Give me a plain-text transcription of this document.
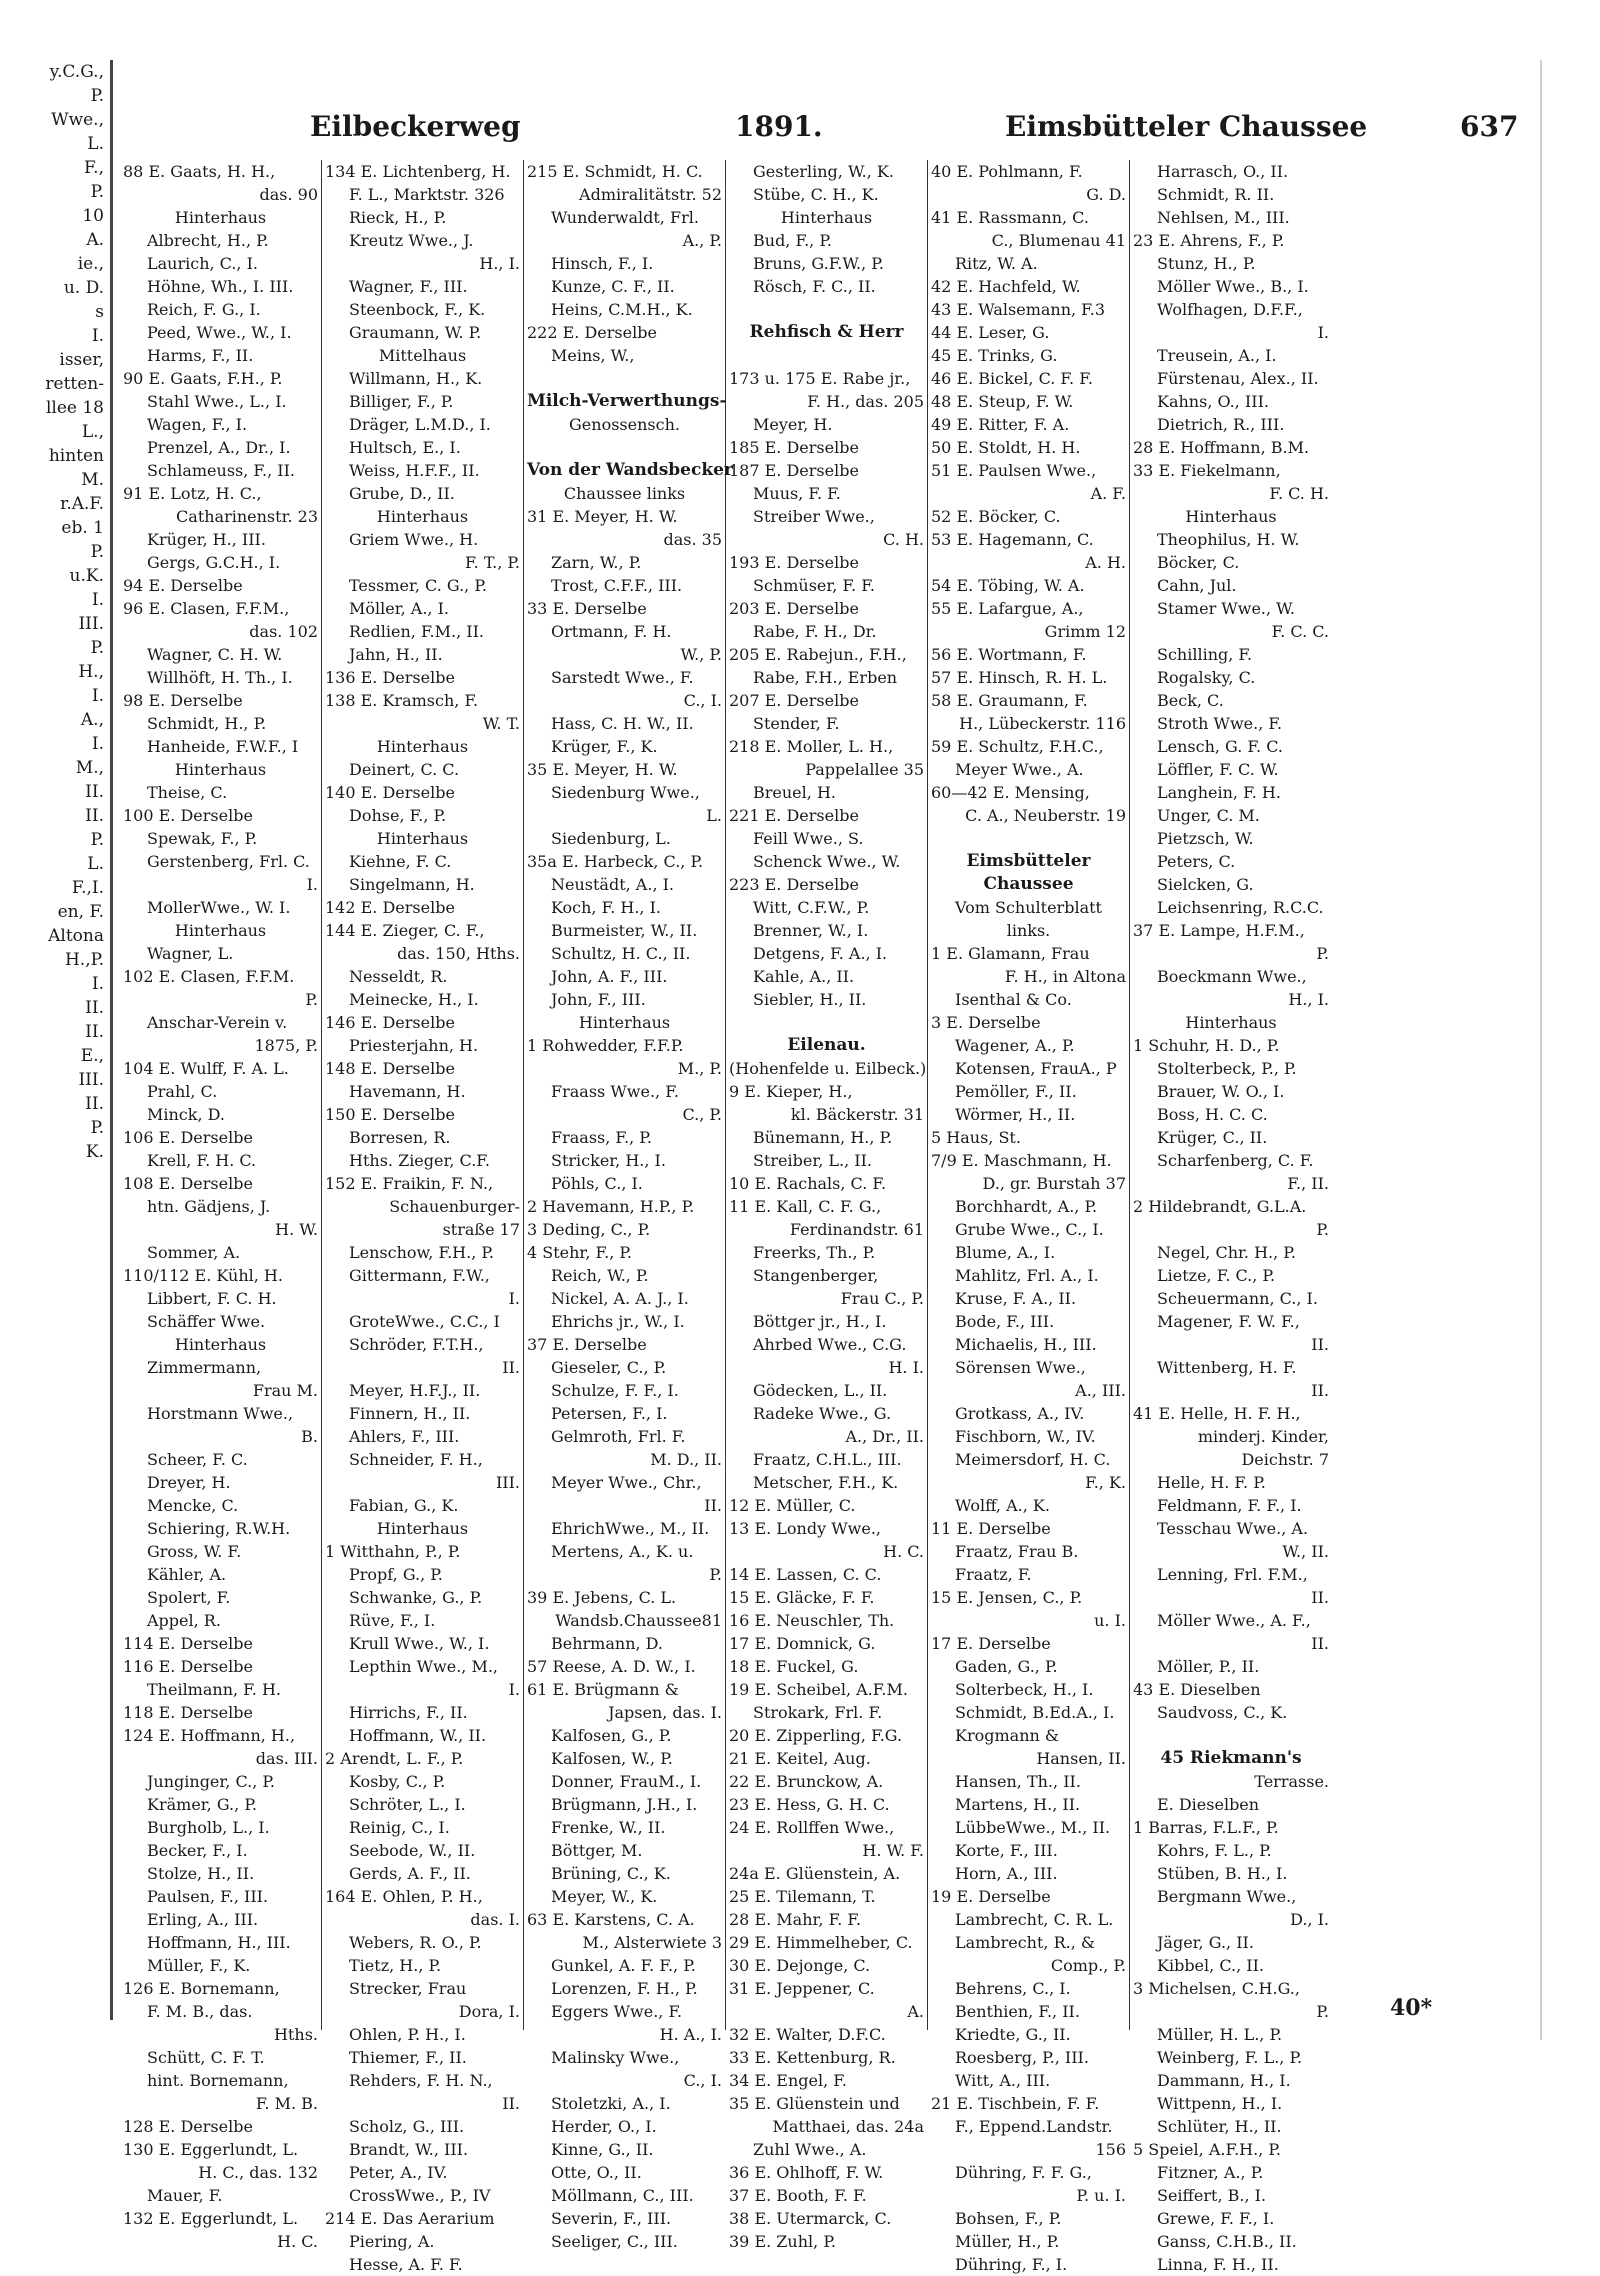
y.C.G.,
P.
Wwe.,
L.
F.,
P.
10
A.
ie.,
u. D.
s
I.
isser,
retten-
llee 18
L.,
hinten
M.
r.A.F.
eb. 1
P.
u.K.
I.
III.
P.
H.,
I.
A.,
I.
M.,
II.
II.
P.
L.
F.,I.
en, F.
Altona
H.,P.
I.
II.
II.
E.,
III.
II.
P.
K.
Eilbeckerweg	1891.	Eimsbütteler Chaussee	637
88 E. Gaats, H. H.,
das. 90
Hinterhaus
Albrecht, H., P.
Laurich, C., I.
Höhne, Wh., I. III.
Reich, F. G., I.
Peed, Wwe., W., I.
Harms, F., II.
90 E. Gaats, F.H., P.
Stahl Wwe., L., I.
Wagen, F., I.
Prenzel, A., Dr., I.
Schlameuss, F., II.
91 E. Lotz, H. C.,
Catharinenstr. 23
Krüger, H., III.
Gergs, G.C.H., I.
94 E. Derselbe
96 E. Clasen, F.F.M.,
das. 102
Wagner, C. H. W.
Willhöft, H. Th., I.
98 E. Derselbe
Schmidt, H., P.
Hanheide, F.W.F., I
Hinterhaus
Theise, C.
100 E. Derselbe
Spewak, F., P.
Gerstenberg, Frl. C.
I.
MollerWwe., W. I.
Hinterhaus
Wagner, L.
102 E. Clasen, F.F.M.
P.
Anschar-Verein v.
1875, P.
104 E. Wulff, F. A. L.
Prahl, C.
Minck, D.
106 E. Derselbe
Krell, F. H. C.
108 E. Derselbe
htn. Gädjens, J.
H. W.
Sommer, A.
110/112 E. Kühl, H.
Libbert, F. C. H.
Schäffer Wwe.
Hinterhaus
Zimmermann,
Frau M.
Horstmann Wwe.,
B.
Scheer, F. C.
Dreyer, H.
Mencke, C.
Schiering, R.W.H.
Gross, W. F.
Kähler, A.
Spolert, F.
Appel, R.
114 E. Derselbe
116 E. Derselbe
Theilmann, F. H.
118 E. Derselbe
124 E. Hoffmann, H.,
das. III.
Junginger, C., P.
Krämer, G., P.
Burgholb, L., I.
Becker, F., I.
Stolze, H., II.
Paulsen, F., III.
Erling, A., III.
Hoffmann, H., III.
Müller, F., K.
126 E. Bornemann,
F. M. B., das.
Hths.
Schütt, C. F. T.
hint. Bornemann,
F. M. B.
128 E. Derselbe
130 E. Eggerlundt, L.
H. C., das. 132
Mauer, F.
132 E. Eggerlundt, L.
H. C.
134 E. Lichtenberg, H.
F. L., Marktstr. 326
Rieck, H., P.
Kreutz Wwe., J.
H., I.
Wagner, F., III.
Steenbock, F., K.
Graumann, W. P.
Mittelhaus
Willmann, H., K.
Billiger, F., P.
Dräger, L.M.D., I.
Hultsch, E., I.
Weiss, H.F.F., II.
Grube, D., II.
Hinterhaus
Griem Wwe., H.
F. T., P.
Tessmer, C. G., P.
Möller, A., I.
Redlien, F.M., II.
Jahn, H., II.
136 E. Derselbe
138 E. Kramsch, F.
W. T.
Hinterhaus
Deinert, C. C.
140 E. Derselbe
Dohse, F., P.
Hinterhaus
Kiehne, F. C.
Singelmann, H.
142 E. Derselbe
144 E. Zieger, C. F.,
das. 150, Hths.
Nesseldt, R.
Meinecke, H., I.
146 E. Derselbe
Priesterjahn, H.
148 E. Derselbe
Havemann, H.
150 E. Derselbe
Borresen, R.
Hths. Zieger, C.F.
152 E. Fraikin, F. N.,
Schauenburger-
straße 17
Lenschow, F.H., P.
Gittermann, F.W.,
I.
GroteWwe., C.C., I
Schröder, F.T.H.,
II.
Meyer, H.F.J., II.
Finnern, H., II.
Ahlers, F., III.
Schneider, F. H.,
III.
Fabian, G., K.
Hinterhaus
1 Witthahn, P., P.
Propf, G., P.
Schwanke, G., P.
Rüve, F., I.
Krull Wwe., W., I.
Lepthin Wwe., M.,
I.
Hirrichs, F., II.
Hoffmann, W., II.
2 Arendt, L. F., P.
Kosby, C., P.
Schröter, L., I.
Reinig, C., I.
Seebode, W., II.
Gerds, A. F., II.
164 E. Ohlen, P. H.,
das. I.
Webers, R. O., P.
Tietz, H., P.
Strecker, Frau
Dora, I.
Ohlen, P. H., I.
Thiemer, F., II.
Rehders, F. H. N.,
II.
Scholz, G., III.
Brandt, W., III.
Peter, A., IV.
CrossWwe., P., IV
214 E. Das Aerarium
Piering, A.
Hesse, A. F. F.
215 E. Schmidt, H. C.
Admiralitätstr. 52
Wunderwaldt, Frl.
A., P.
Hinsch, F., I.
Kunze, C. F., II.
Heins, C.M.H., K.
222 E. Derselbe
Meins, W.,

Milch-Verwerthungs-
Genossensch.

Von der Wandsbecker
Chaussee links
31 E. Meyer, H. W.
das. 35
Zarn, W., P.
Trost, C.F.F., III.
33 E. Derselbe
Ortmann, F. H.
W., P.
Sarstedt Wwe., F.
C., I.
Hass, C. H. W., II.
Krüger, F., K.
35 E. Meyer, H. W.
Siedenburg Wwe.,
L.
Siedenburg, L.
35a E. Harbeck, C., P.
Neustädt, A., I.
Koch, F. H., I.
Burmeister, W., II.
Schultz, H. C., II.
John, A. F., III.
John, F., III.
Hinterhaus
1 Rohwedder, F.F.P.
M., P.
Fraass Wwe., F.
C., P.
Fraass, F., P.
Stricker, H., I.
Pöhls, C., I.
2 Havemann, H.P., P.
3 Deding, C., P.
4 Stehr, F., P.
Reich, W., P.
Nickel, A. A. J., I.
Ehrichs jr., W., I.
37 E. Derselbe
Gieseler, C., P.
Schulze, F. F., I.
Petersen, F., I.
Gelmroth, Frl. F.
M. D., II.
Meyer Wwe., Chr.,
II.
EhrichWwe., M., II.
Mertens, A., K. u.
P.
39 E. Jebens, C. L.
Wandsb.Chaussee81
Behrmann, D.
57 Reese, A. D. W., I.
61 E. Brügmann &
Japsen, das. I.
Kalfosen, G., P.
Kalfosen, W., P.
Donner, FrauM., I.
Brügmann, J.H., I.
Frenke, W., II.
Böttger, M.
Brüning, C., K.
Meyer, W., K.
63 E. Karstens, C. A.
M., Alsterwiete 3
Gunkel, A. F. F., P.
Lorenzen, F. H., P.
Eggers Wwe., F.
H. A., I.
Malinsky Wwe.,
C., I.
Stoletzki, A., I.
Herder, O., I.
Kinne, G., II.
Otte, O., II.
Möllmann, C., III.
Severin, F., III.
Seeliger, C., III.
Gesterling, W., K.
Stübe, C. H., K.
Hinterhaus
Bud, F., P.
Bruns, G.F.W., P.
Rösch, F. C., II.

Rehfisch & Herr

173 u. 175 E. Rabe jr.,
F. H., das. 205
Meyer, H.
185 E. Derselbe
187 E. Derselbe
Muus, F. F.
Streiber Wwe.,
C. H.
193 E. Derselbe
Schmüser, F. F.
203 E. Derselbe
Rabe, F. H., Dr.
205 E. Rabejun., F.H.,
Rabe, F.H., Erben
207 E. Derselbe
Stender, F.
218 E. Moller, L. H.,
Pappelallee 35
Breuel, H.
221 E. Derselbe
Feill Wwe., S.
Schenck Wwe., W.
223 E. Derselbe
Witt, C.F.W., P.
Brenner, W., I.
Detgens, F. A., I.
Kahle, A., II.
Siebler, H., II.

Eilenau.
(Hohenfelde u. Eilbeck.)
9 E. Kieper, H.,
kl. Bäckerstr. 31
Bünemann, H., P.
Streiber, L., II.
10 E. Rachals, C. F.
11 E. Kall, C. F. G.,
Ferdinandstr. 61
Freerks, Th., P.
Stangenberger,
Frau C., P.
Böttger jr., H., I.
Ahrbed Wwe., C.G.
H. I.
Gödecken, L., II.
Radeke Wwe., G.
A., Dr., II.
Fraatz, C.H.L., III.
Metscher, F.H., K.
12 E. Müller, C.
13 E. Londy Wwe.,
H. C.
14 E. Lassen, C. C.
15 E. Gläcke, F. F.
16 E. Neuschler, Th.
17 E. Domnick, G.
18 E. Fuckel, G.
19 E. Scheibel, A.F.M.
Strokark, Frl. F.
20 E. Zipperling, F.G.
21 E. Keitel, Aug.
22 E. Brunckow, A.
23 E. Hess, G. H. C.
24 E. Rollffen Wwe.,
H. W. F.
24a E. Glüenstein, A.
25 E. Tilemann, T.
28 E. Mahr, F. F.
29 E. Himmelheber, C.
30 E. Dejonge, C.
31 E. Jeppener, C.
A.
32 E. Walter, D.F.C.
33 E. Kettenburg, R.
34 E. Engel, F.
35 E. Glüenstein und
Matthaei, das. 24a
Zuhl Wwe., A.
36 E. Ohlhoff, F. W.
37 E. Booth, F. F.
38 E. Utermarck, C.
39 E. Zuhl, P.
40 E. Pohlmann, F.
G. D.
41 E. Rassmann, C.
C., Blumenau 41
Ritz, W. A.
42 E. Hachfeld, W.
43 E. Walsemann, F.3
44 E. Leser, G.
45 E. Trinks, G.
46 E. Bickel, C. F. F.
48 E. Steup, F. W.
49 E. Ritter, F. A.
50 E. Stoldt, H. H.
51 E. Paulsen Wwe.,
A. F.
52 E. Böcker, C.
53 E. Hagemann, C.
A. H.
54 E. Töbing, W. A.
55 E. Lafargue, A.,
Grimm 12
56 E. Wortmann, F.
57 E. Hinsch, R. H. L.
58 E. Graumann, F.
H., Lübeckerstr. 116
59 E. Schultz, F.H.C.,
Meyer Wwe., A.
60—42 E. Mensing,
C. A., Neuberstr. 19

Eimsbütteler
Chaussee
Vom Schulterblatt
links.
1 E. Glamann, Frau
F. H., in Altona
Isenthal & Co.
3 E. Derselbe
Wagener, A., P.
Kotensen, FrauA., P
Pemöller, F., II.
Wörmer, H., II.
5 Haus, St.
7/9 E. Maschmann, H.
D., gr. Burstah 37
Borchhardt, A., P.
Grube Wwe., C., I.
Blume, A., I.
Mahlitz, Frl. A., I.
Kruse, F. A., II.
Bode, F., III.
Michaelis, H., III.
Sörensen Wwe.,
A., III.
Grotkass, A., IV.
Fischborn, W., IV.
Meimersdorf, H. C.
F., K.
Wolff, A., K.
11 E. Derselbe
Fraatz, Frau B.
Fraatz, F.
15 E. Jensen, C., P.
u. I.
17 E. Derselbe
Gaden, G., P.
Solterbeck, H., I.
Schmidt, B.Ed.A., I.
Krogmann &
Hansen, II.
Hansen, Th., II.
Martens, H., II.
LübbeWwe., M., II.
Korte, F., III.
Horn, A., III.
19 E. Derselbe
Lambrecht, C. R. L.
Lambrecht, R., &
Comp., P.
Behrens, C., I.
Benthien, F., II.
Kriedte, G., II.
Roesberg, P., III.
Witt, A., III.
21 E. Tischbein, F. F.
F., Eppend.Landstr.
156
Dühring, F. F. G.,
P. u. I.
Bohsen, F., P.
Müller, H., P.
Dühring, F., I.
Harrasch, O., II.
Schmidt, R. II.
Nehlsen, M., III.
23 E. Ahrens, F., P.
Stunz, H., P.
Möller Wwe., B., I.
Wolfhagen, D.F.F.,
I.
Treusein, A., I.
Fürstenau, Alex., II.
Kahns, O., III.
Dietrich, R., III.
28 E. Hoffmann, B.M.
33 E. Fiekelmann,
F. C. H.
Hinterhaus
Theophilus, H. W.
Böcker, C.
Cahn, Jul.
Stamer Wwe., W.
F. C. C.
Schilling, F.
Rogalsky, C.
Beck, C.
Stroth Wwe., F.
Lensch, G. F. C.
Löffler, F. C. W.
Langhein, F. H.
Unger, C. M.
Pietzsch, W.
Peters, C.
Sielcken, G.
Leichsenring, R.C.C.
37 E. Lampe, H.F.M.,
P.
Boeckmann Wwe.,
H., I.
Hinterhaus
1 Schuhr, H. D., P.
Stolterbeck, P., P.
Brauer, W. O., I.
Boss, H. C. C.
Krüger, C., II.
Scharfenberg, C. F.
F., II.
2 Hildebrandt, G.L.A.
P.
Negel, Chr. H., P.
Lietze, F. C., P.
Scheuermann, C., I.
Magener, F. W. F.,
II.
Wittenberg, H. F.
II.
41 E. Helle, H. F. H.,
minderj. Kinder,
Deichstr. 7
Helle, H. F. P.
Feldmann, F. F., I.
Tesschau Wwe., A.
W., II.
Lenning, Frl. F.M.,
II.
Möller Wwe., A. F.,
II.
Möller, P., II.
43 E. Dieselben
Saudvoss, C., K.

45 Riekmann's
Terrasse.
E. Dieselben
1 Barras, F.L.F., P.
Kohrs, F. L., P.
Stüben, B. H., I.
Bergmann Wwe.,
D., I.
Jäger, G., II.
Kibbel, C., II.
3 Michelsen, C.H.G.,
P.
Müller, H. L., P.
Weinberg, F. L., P.
Dammann, H., I.
Wittpenn, H., I.
Schlüter, H., II.
5 Speiel, A.F.H., P.
Fitzner, A., P.
Seiffert, B., I.
Grewe, F. F., I.
Ganss, C.H.B., II.
Linna, F. H., II.
40*
